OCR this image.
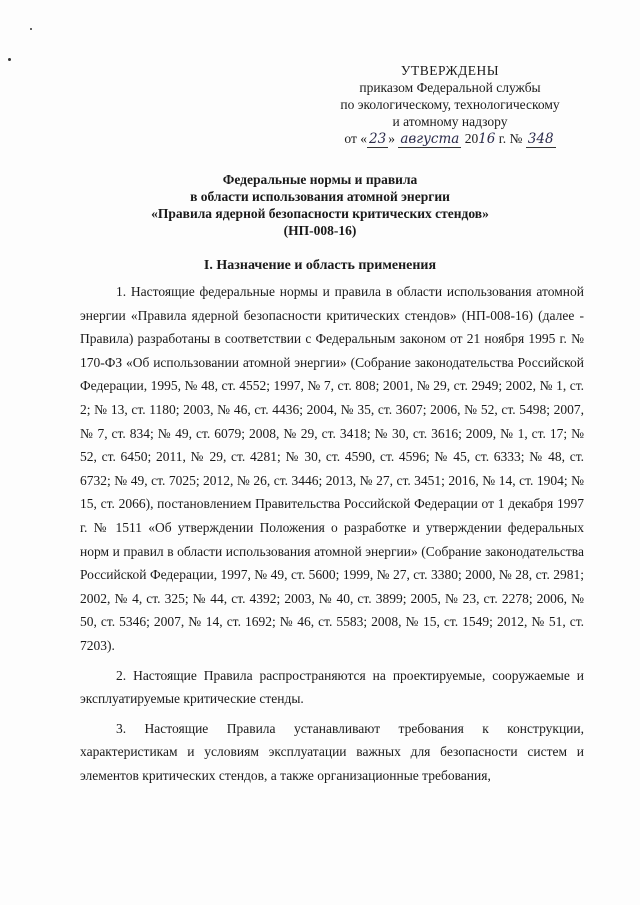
УТВЕРЖДЕНЫ
приказом Федеральной службы
по экологическому, технологическому
и атомному надзору
от « 23 » августа 2016 г. № 348
Федеральные нормы и правила
в области использования атомной энергии
«Правила ядерной безопасности критических стендов»
(НП-008-16)
I. Назначение и область применения

1. Настоящие федеральные нормы и правила в области использования атомной энергии «Правила ядерной безопасности критических стендов» (НП-008-16) (далее - Правила) разработаны в соответствии с Федеральным законом от 21 ноября 1995 г. № 170-ФЗ «Об использовании атомной энергии» (Собрание законодательства Российской Федерации, 1995, № 48, ст. 4552; 1997, № 7, ст. 808; 2001, № 29, ст. 2949; 2002, № 1, ст. 2; № 13, ст. 1180; 2003, № 46, ст. 4436; 2004, № 35, ст. 3607; 2006, № 52, ст. 5498; 2007, № 7, ст. 834; № 49, ст. 6079; 2008, № 29, ст. 3418; № 30, ст. 3616; 2009, № 1, ст. 17; № 52, ст. 6450; 2011, № 29, ст. 4281; № 30, ст. 4590, ст. 4596; № 45, ст. 6333; № 48, ст. 6732; № 49, ст. 7025; 2012, № 26, ст. 3446; 2013, № 27, ст. 3451; 2016, № 14, ст. 1904; № 15, ст. 2066), постановлением Правительства Российской Федерации от 1 декабря 1997 г. № 1511 «Об утверждении Положения о разработке и утверждении федеральных норм и правил в области использования атомной энергии» (Собрание законодательства Российской Федерации, 1997, № 49, ст. 5600; 1999, № 27, ст. 3380; 2000, № 28, ст. 2981; 2002, № 4, ст. 325; № 44, ст. 4392; 2003, № 40, ст. 3899; 2005, № 23, ст. 2278; 2006, № 50, ст. 5346; 2007, № 14, ст. 1692; № 46, ст. 5583; 2008, № 15, ст. 1549; 2012, № 51, ст. 7203).

2. Настоящие Правила распространяются на проектируемые, сооружаемые и эксплуатируемые критические стенды.

3. Настоящие Правила устанавливают требования к конструкции, характеристикам и условиям эксплуатации важных для безопасности систем и элементов критических стендов, а также организационные требования,
